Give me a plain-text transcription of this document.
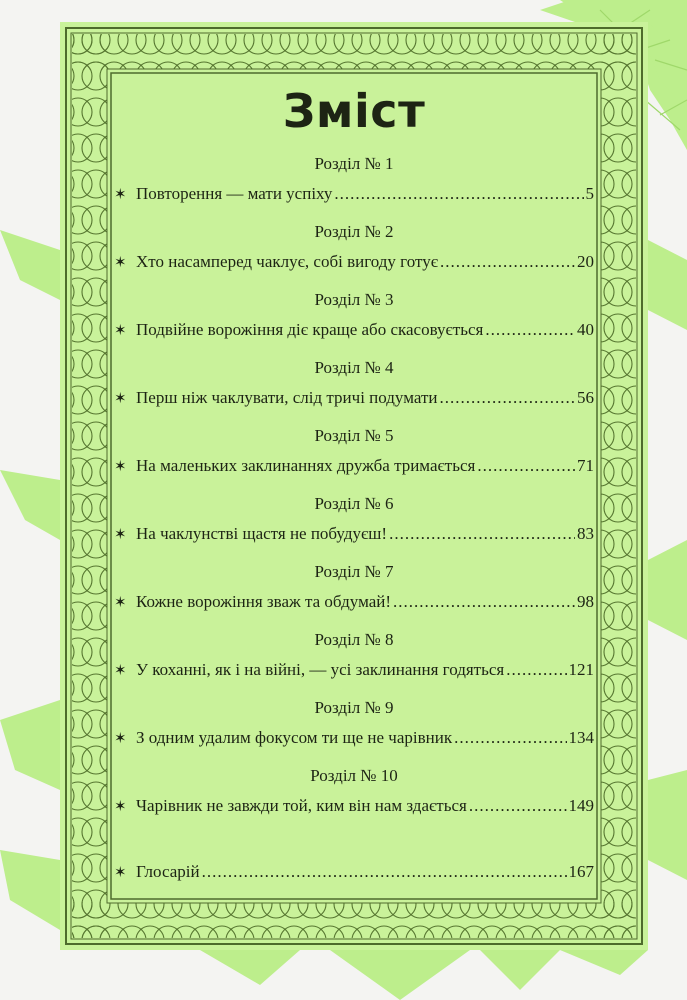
Зміст
Розділ № 1
✶ Повторення — мати успіху .....	5
Розділ № 2
✶ Хто насамперед чаклує, собі вигоду готує .....	20
Розділ № 3
✶ Подвійне ворожіння діє краще або скасовується .....	40
Розділ № 4
✶ Перш ніж чаклувати, слід тричі подумати .....	56
Розділ № 5
✶ На маленьких заклинаннях дружба тримається .....	71
Розділ № 6
✶ На чаклунстві щастя не побудуєш! .....	83
Розділ № 7
✶ Кожне ворожіння зваж та обдумай! .....	98
Розділ № 8
✶ У коханні, як і на війні, — усі заклинання годяться .....	121
Розділ № 9
✶ З одним удалим фокусом ти ще не чарівник .....	134
Розділ № 10
✶ Чарівник не завжди той, ким він нам здається .....	149
✶ Глосарій .....	167
